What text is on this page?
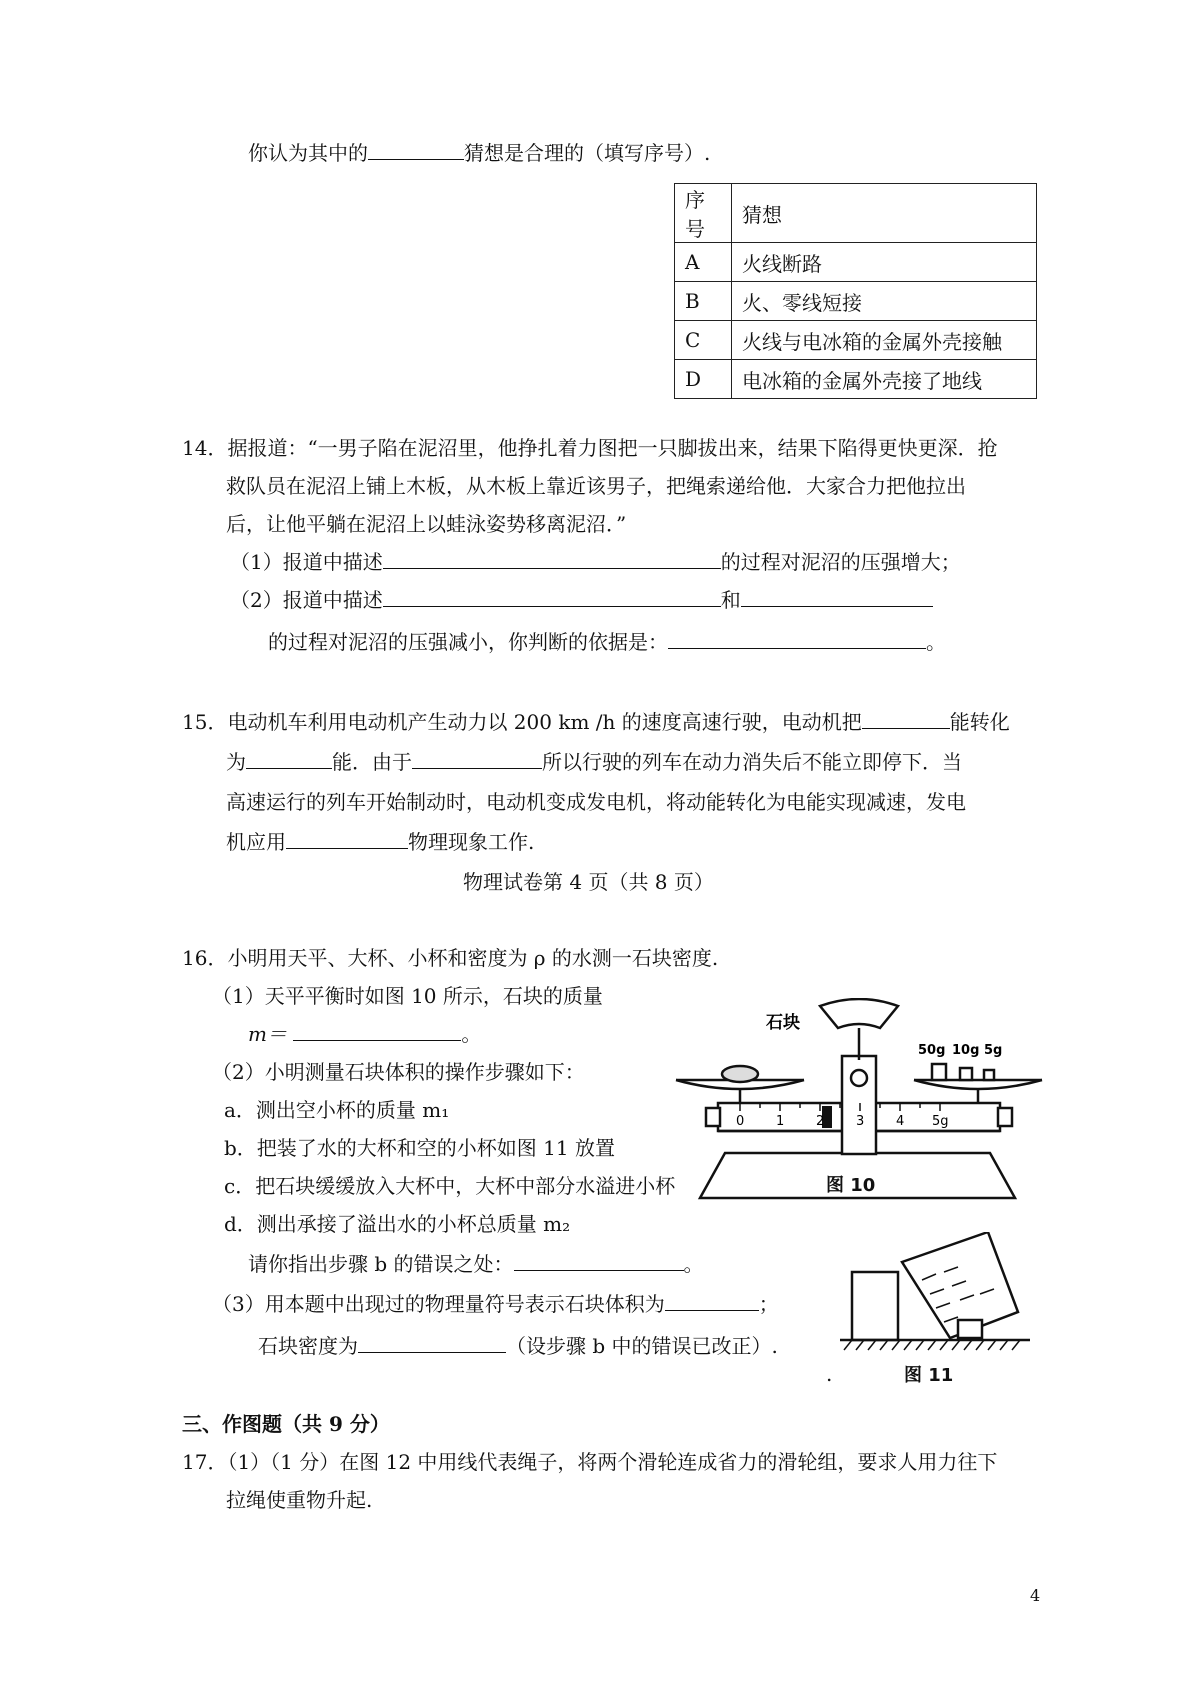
你认为其中的	猜想是合理的（填写序号）.
序号	猜想
A	火线断路
B	火、零线短接
C	火线与电冰箱的金属外壳接触
D	电冰箱的金属外壳接了地线
14．据报道：“一男子陷在泥沼里，他挣扎着力图把一只脚拔出来，结果下陷得更快更深．抢
救队员在泥沼上铺上木板，从木板上靠近该男子，把绳索递给他．大家合力把他拉出
后，让他平躺在泥沼上以蛙泳姿势移离泥沼．”
（1）报道中描述	的过程对泥沼的压强增大；
（2）报道中描述	和
的过程对泥沼的压强减小，你判断的依据是：	。
15．电动机车利用电动机产生动力以 200 km /h 的速度高速行驶，电动机把	能转化
为	能．由于	所以行驶的列车在动力消失后不能立即停下．当
高速运行的列车开始制动时，电动机变成发电机，将动能转化为电能实现减速，发电
机应用	物理现象工作.
物理试卷第 4 页（共 8 页）
16．小明用天平、大杯、小杯和密度为 ρ 的水测一石块密度.
（1）天平平衡时如图 10 所示，石块的质量
m＝	。
（2）小明测量石块体积的操作步骤如下：
a．测出空小杯的质量 m₁
b．把装了水的大杯和空的小杯如图 11 放置
c．把石块缓缓放入大杯中，大杯中部分水溢进小杯
d．测出承接了溢出水的小杯总质量 m₂
请你指出步骤 b 的错误之处：	。
（3）用本题中出现过的物理量符号表示石块体积为	；
石块密度为	（设步骤 b 中的错误已改正）.
0 1 2 3 4 5g
石块
50g 10g 5g
图 10
.	图 11
三、作图题（共 9 分）
17．（1）（1 分）在图 12 中用线代表绳子，将两个滑轮连成省力的滑轮组，要求人用力往下
拉绳使重物升起.
4
